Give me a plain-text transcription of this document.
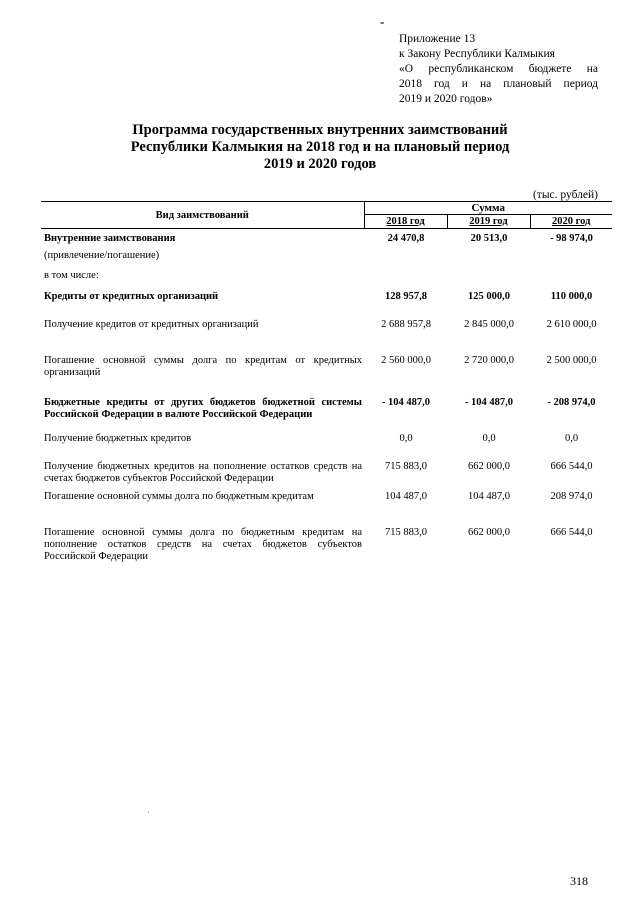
-
Приложение 13
к Закону Республики Калмыкия
«О республиканском бюджете на
2018 год и на плановый период
2019 и 2020 годов»
Программа государственных внутренних заимствований
Республики Калмыкия на 2018 год и на плановый период
2019 и 2020 годов
(тыс. рублей)
Вид заимствований	Сумма		
	2018 год	2019 год	2020 год
Внутренние заимствования	24 470,8	20 513,0	- 98 974,0
(привлечение/погашение)			
в том числе:			
Кредиты от кредитных организаций	128 957,8	125 000,0	110 000,0
Получение кредитов от кредитных организаций	2 688 957,8	2 845 000,0	2 610 000,0
Погашение основной суммы долга по кредитам от кредитных организаций	2 560 000,0	2 720 000,0	2 500 000,0
Бюджетные кредиты от других бюджетов бюджетной системы Российской Федерации в валюте Российской Федерации	- 104 487,0	- 104 487,0	- 208 974,0
Получение бюджетных кредитов	0,0	0,0	0,0
Получение бюджетных кредитов на пополнение остатков средств на счетах бюджетов субъектов Российской Федерации	715 883,0	662 000,0	666 544,0
Погашение основной суммы долга по бюджетным кредитам	104 487,0	104 487,0	208 974,0
Погашение основной суммы долга по бюджетным кредитам на пополнение остатков средств на счетах бюджетов субъектов Российской Федерации	715 883,0	662 000,0	666 544,0
318
